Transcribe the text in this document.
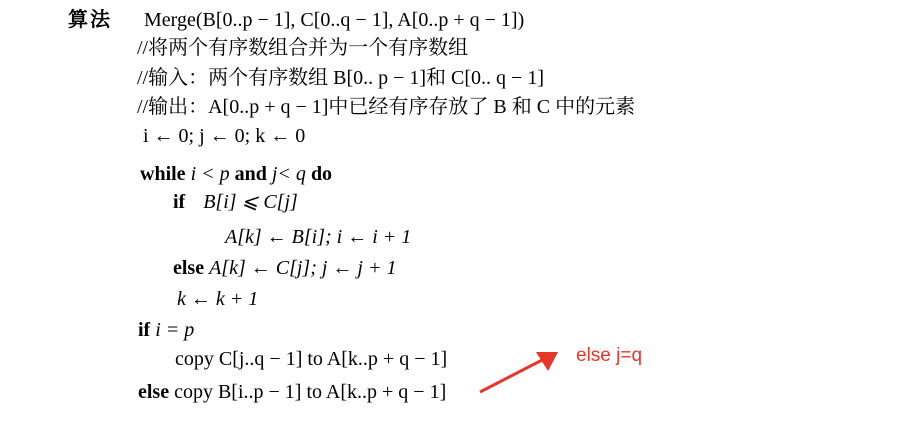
算法 Merge(B[0..p − 1], C[0..q − 1], A[0..p + q − 1])
//将两个有序数组合并为一个有序数组
//输入：两个有序数组 B[0.. p − 1]和 C[0.. q − 1]
//输出：A[0..p + q − 1]中已经有序存放了 B 和 C 中的元素
i ← 0; j ← 0; k ← 0
while i < p and j< q do
if B[i] ⩽ C[j]
A[k] ← B[i]; i ← i + 1
else A[k] ← C[j]; j ← j + 1
k ← k + 1
if i = p
copy C[j..q − 1] to A[k..p + q − 1]
else copy B[i..p − 1] to A[k..p + q − 1]
else j=q
